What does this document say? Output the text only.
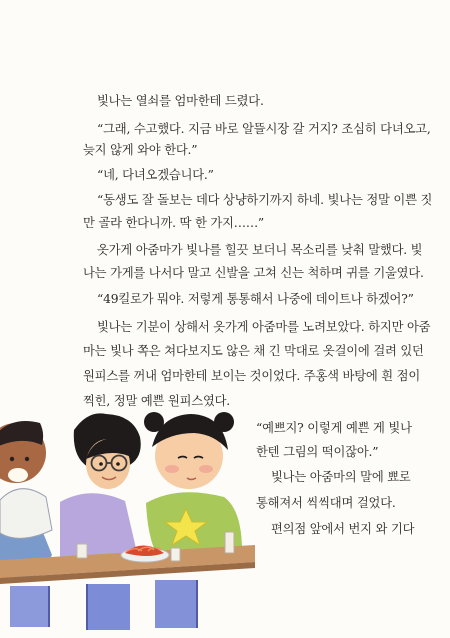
빛나는 열쇠를 엄마한테 드렸다.
“그래, 수고했다. 지금 바로 알뜰시장 갈 거지? 조심히 다녀오고,
늦지 않게 와야 한다.”
“네, 다녀오겠습니다.”
“동생도 잘 돌보는 데다 상냥하기까지 하네. 빛나는 정말 이쁜 짓
만 골라 한다니까. 딱 한 가지……”
옷가게 아줌마가 빛나를 힐끗 보더니 목소리를 낮춰 말했다. 빛
나는 가게를 나서다 말고 신발을 고쳐 신는 척하며 귀를 기울였다.
“49킬로가 뭐야. 저렇게 통통해서 나중에 데이트나 하겠어?”
빛나는 기분이 상해서 옷가게 아줌마를 노려보았다. 하지만 아줌
마는 빛나 쪽은 쳐다보지도 않은 채 긴 막대로 옷걸이에 걸려 있던
원피스를 꺼내 엄마한테 보이는 것이었다. 주홍색 바탕에 흰 점이
찍힌, 정말 예쁜 원피스였다.
“예쁘지? 이렇게 예쁜 게 빛나
한텐 그림의 떡이잖아.”
빛나는 아줌마의 말에 뾰로
통해져서 씩씩대며 걸었다.
편의점 앞에서 번지 와 기다
